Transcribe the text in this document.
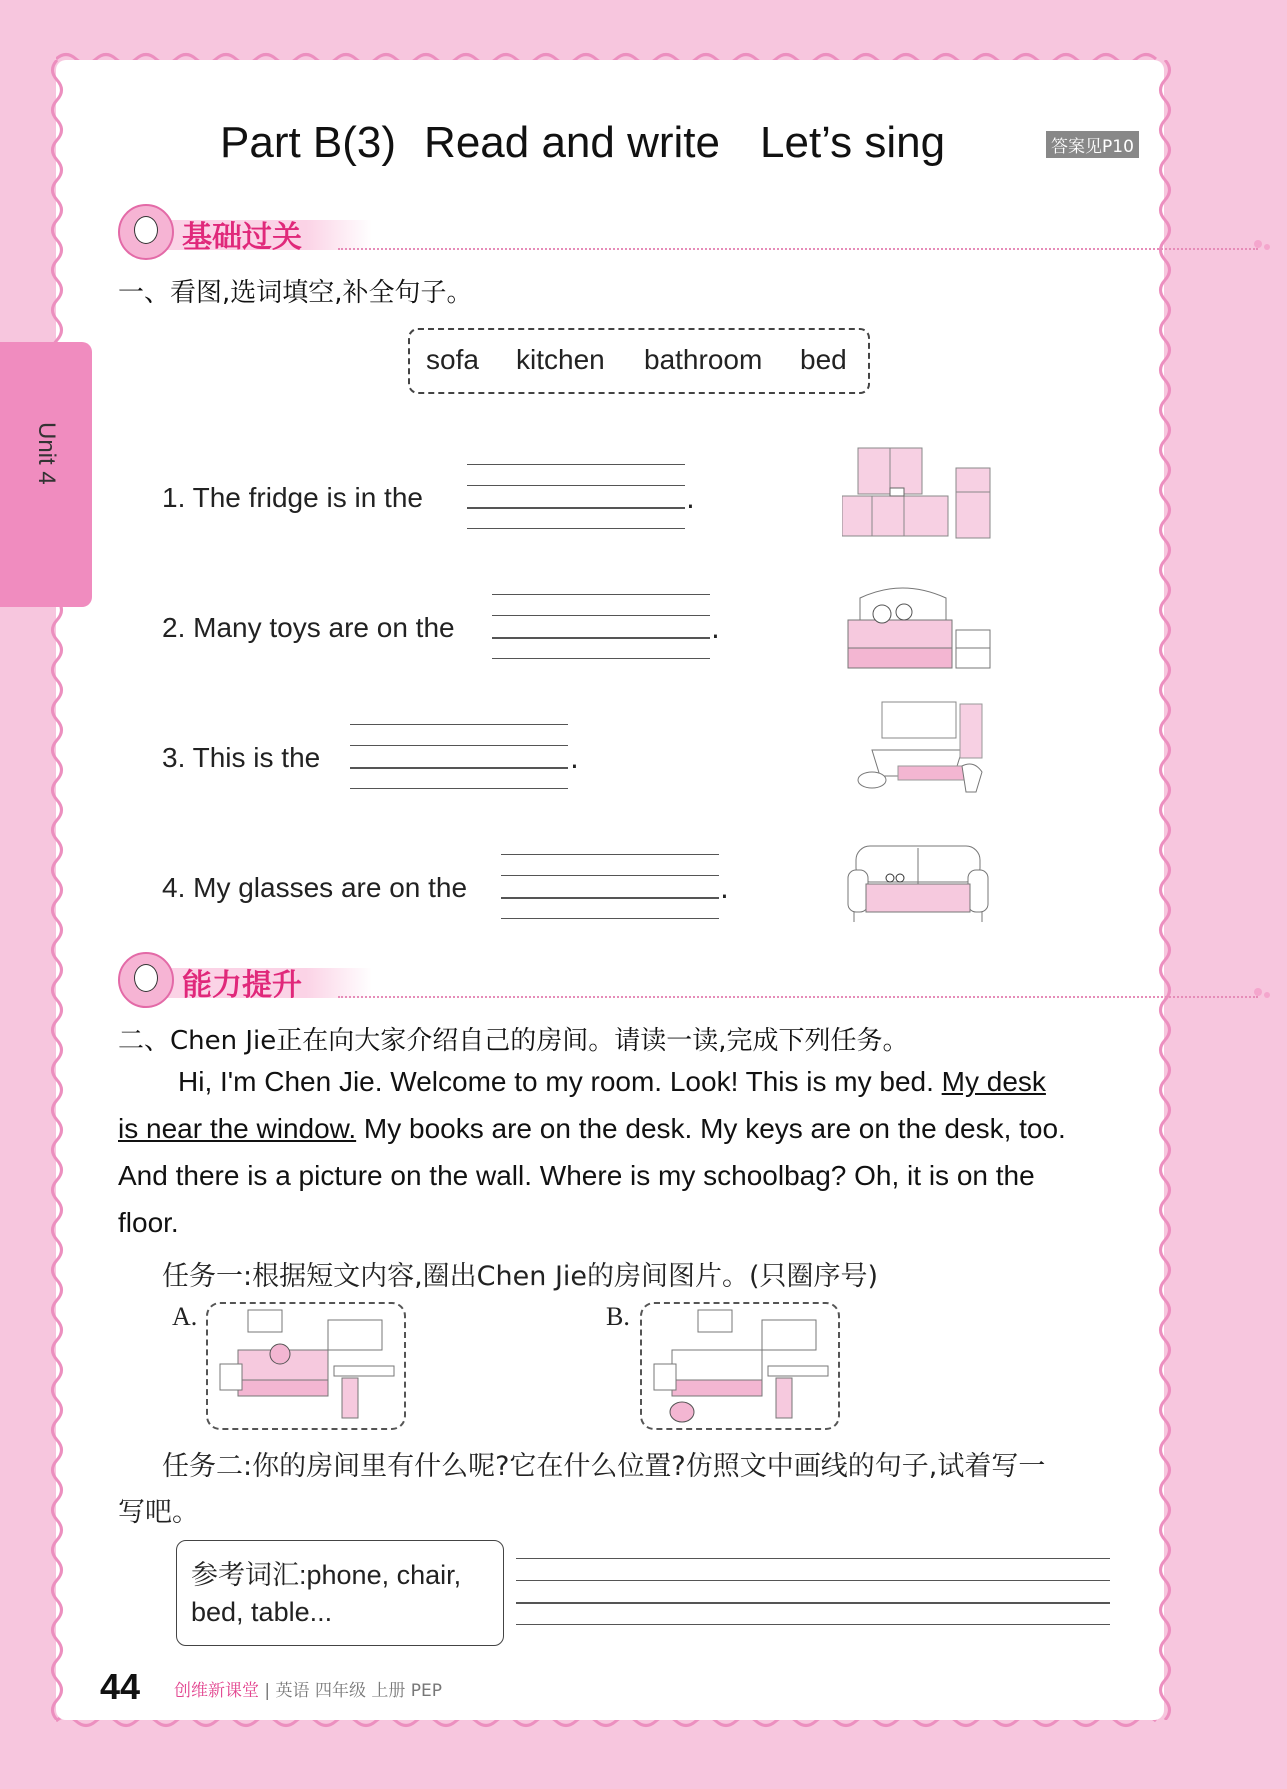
Unit 4
Part B(3) Read and write Let’s sing	答案见P10
基础过关
一、看图,选词填空,补全句子。
sofa kitchen bathroom bed
1. The fridge is in the	.
2. Many toys are on the	.
3. This is the	.
4. My glasses are on the	.
能力提升
二、Chen Jie正在向大家介绍自己的房间。请读一读,完成下列任务。
Hi, I'm Chen Jie. Welcome to my room. Look! This is my bed. My desk
is near the window. My books are on the desk. My keys are on the desk, too.
And there is a picture on the wall. Where is my schoolbag? Oh, it is on the
floor.
任务一:根据短文内容,圈出Chen Jie的房间图片。(只圈序号)
A.	B.
任务二:你的房间里有什么呢?它在什么位置?仿照文中画线的句子,试着写一
写吧。
参考词汇:phone, chair,
bed, table...
44 创维新课堂 | 英语 四年级 上册 PEP
